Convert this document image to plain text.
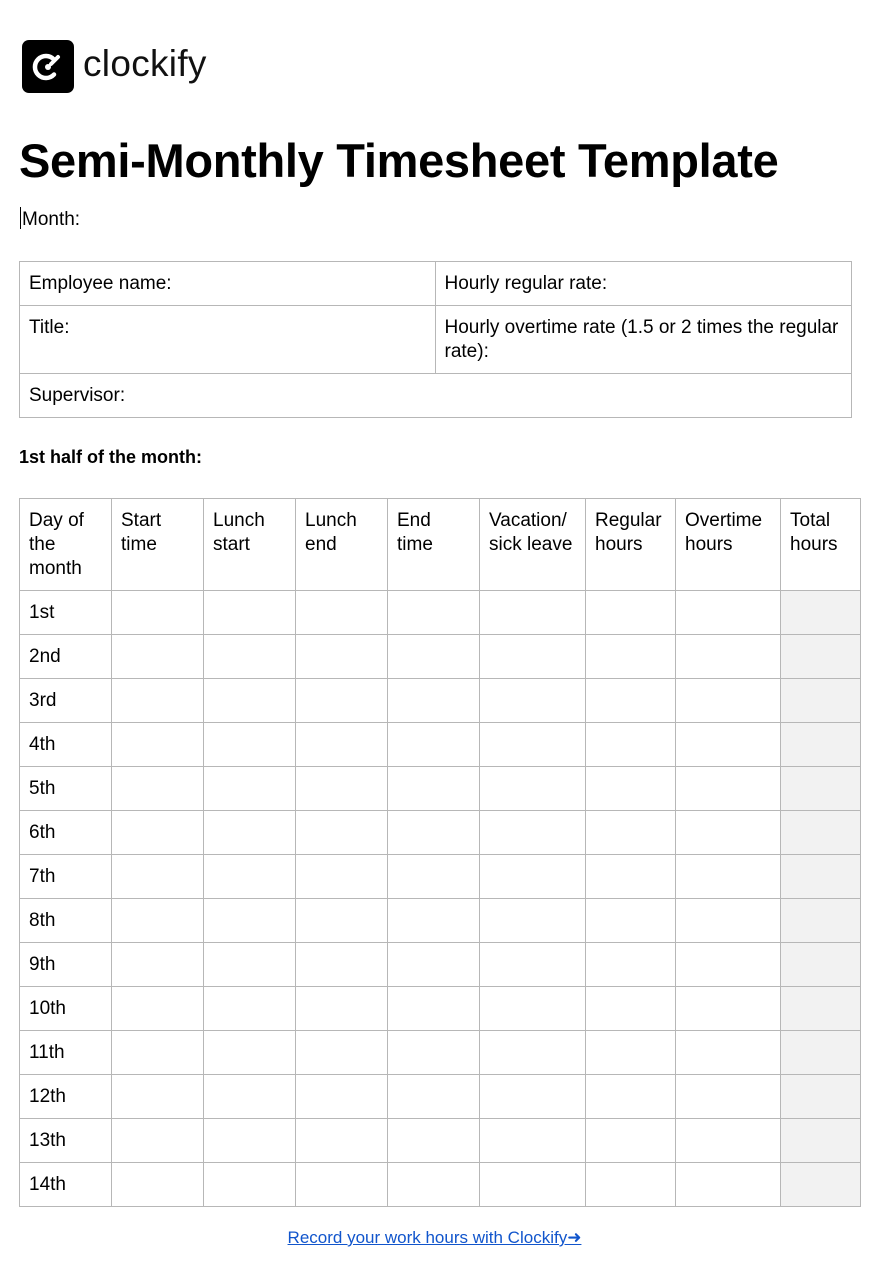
clockify
Semi-Monthly Timesheet Template
Month:
Employee name:	Hourly regular rate:
Title:	Hourly overtime rate (1.5 or 2 times the regular rate):
Supervisor:	
1st half of the month:
Day of the month	Start time	Lunch start	Lunch end	End time	Vacation/ sick leave	Regular hours	Overtime hours	Total hours
1st								
2nd								
3rd								
4th								
5th								
6th								
7th								
8th								
9th								
10th								
11th								
12th								
13th								
14th								
Record your work hours with Clockify➜
